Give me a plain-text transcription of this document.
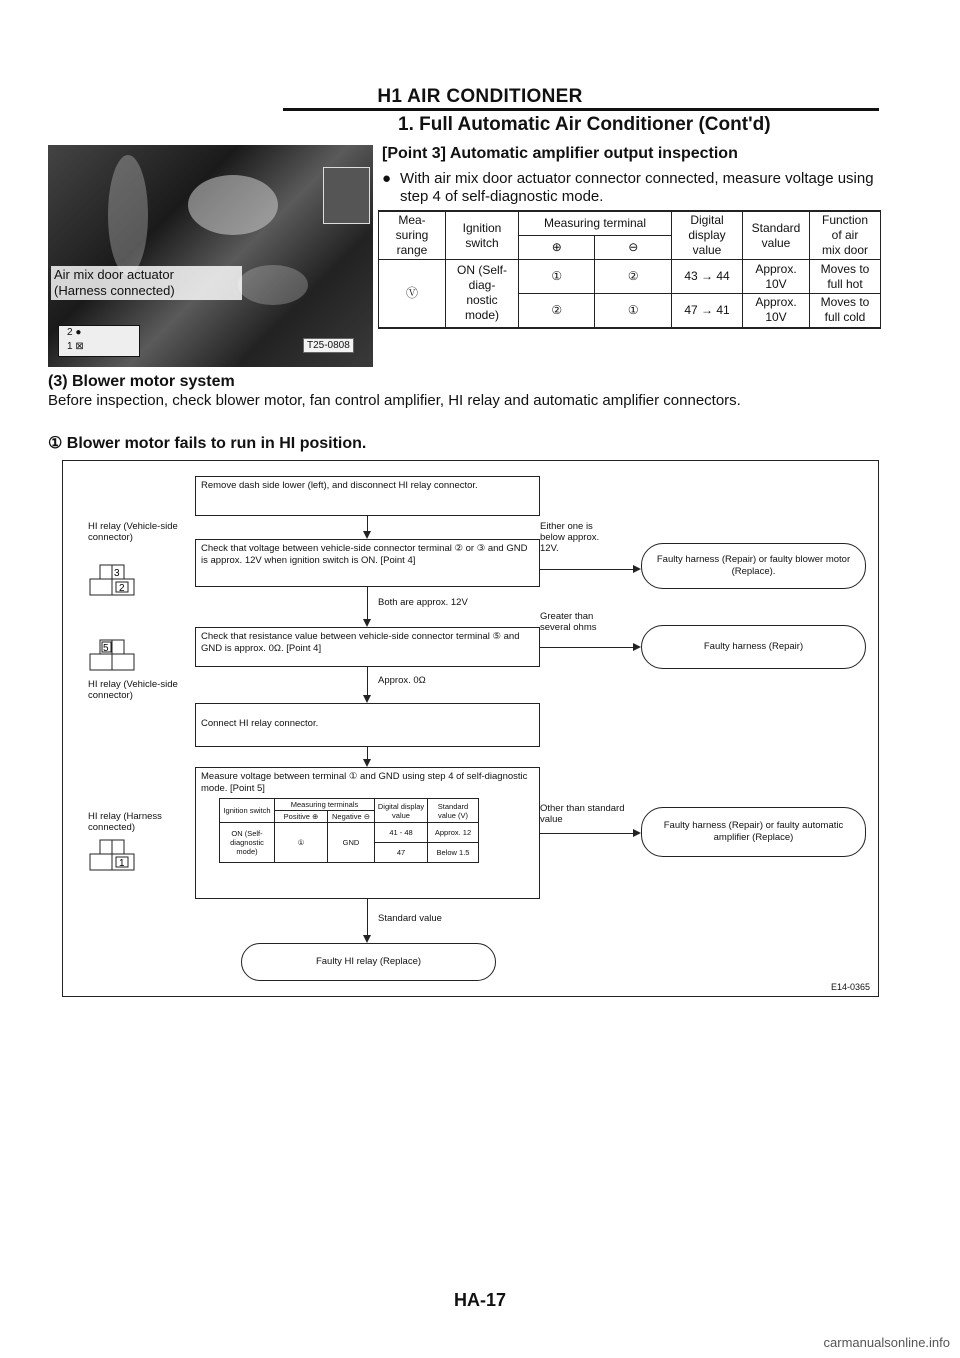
H1 AIR CONDITIONER
1. Full Automatic Air Conditioner (Cont'd)
Air mix door actuator
(Harness connected)
2 ●
1 ⊠	T25-0808
[Point 3] Automatic amplifier output inspection
● With air mix door actuator connector connected, measure voltage using step 4 of self-diagnostic mode.
Mea-
suring
range	Ignition
switch	Measuring terminal		Digital
display
value	Standard
value	Function
of air
mix door
		⊕	⊖			
Ⓥ	ON (Self-
diag-
nostic
mode)	①	②	43 → 44	Approx.
10V	Moves to
full hot
		②	①	47 → 41	Approx.
10V	Moves to
full cold
(3) Blower motor system
Before inspection, check blower motor, fan control amplifier, HI relay and automatic amplifier connectors.
① Blower motor fails to run in HI position.
HI relay (Vehicle-side connector)
3
2
5
HI relay (Vehicle-side connector)
HI relay (Harness connected)
1
Remove dash side lower (left), and disconnect HI relay connector.
Check that voltage between vehicle-side connector terminal ② or ③ and GND is approx. 12V when ignition switch is ON. [Point 4]
Either one is below approx. 12V.
Faulty harness (Repair) or faulty blower motor (Replace).
Both are approx. 12V
Check that resistance value between vehicle-side connector terminal ⑤ and GND is approx. 0Ω. [Point 4]
Greater than several ohms
Faulty harness (Repair)
Approx. 0Ω
Connect HI relay connector.
Measure voltage between terminal ① and GND using step 4 of self-diagnostic mode. [Point 5]
Ignition switch	Measuring terminals		Digital display value	Standard value (V)
	Positive ⊕	Negative ⊖		
ON (Self-diagnostic mode)	①	GND	41 - 48	Approx. 12
			47	Below 1.5
Other than standard value
Faulty harness (Repair) or faulty automatic amplifier (Replace)
Standard value
Faulty HI relay (Replace)
E14-0365
HA-17
carmanualsonline.info
